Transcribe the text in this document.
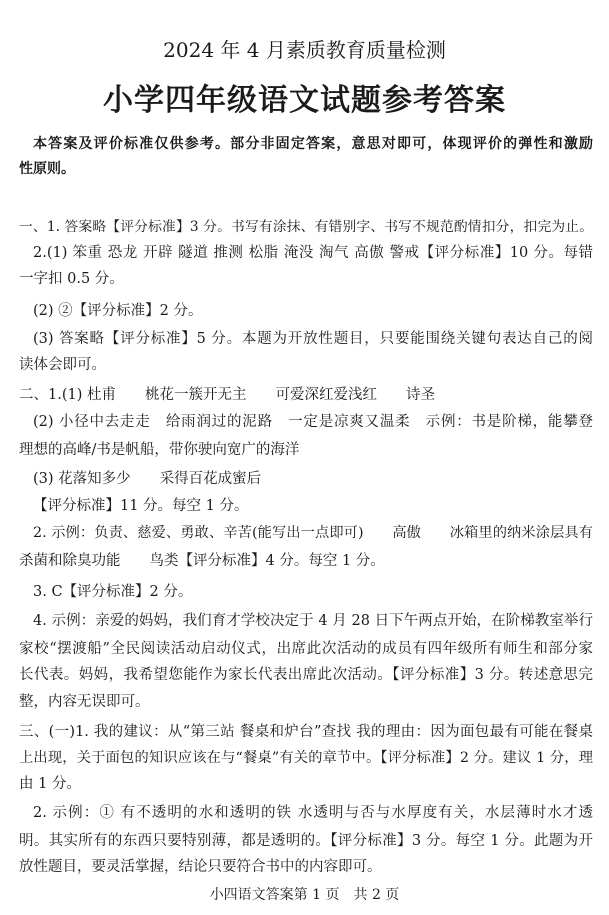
2024 年 4 月素质教育质量检测
小学四年级语文试题参考答案
本答案及评价标准仅供参考。部分非固定答案，意思对即可，体现评价的弹性和激励
性原则。
一、1. 答案略【评分标准】3 分。书写有涂抹、有错别字、书写不规范酌情扣分，扣完为止。
2.(1) 笨重 恐龙 开辟 隧道 推测 松脂 淹没 淘气 高傲 警戒【评分标准】10 分。每错
一字扣 0.5 分。
(2) ②【评分标准】2 分。
(3) 答案略【评分标准】5 分。本题为开放性题目，只要能围绕关键句表达自己的阅
读体会即可。
二、1.(1) 杜甫　　桃花一簇开无主　　可爱深红爱浅红　　诗圣
(2) 小径中去走走　给雨润过的泥路　一定是凉爽又温柔　示例：书是阶梯，能攀登
理想的高峰/书是帆船，带你驶向宽广的海洋
(3) 花落知多少　　采得百花成蜜后
【评分标准】11 分。每空 1 分。
2. 示例：负责、慈爱、勇敢、辛苦(能写出一点即可)　　高傲　　冰箱里的纳米涂层具有
杀菌和除臭功能　　鸟类【评分标准】4 分。每空 1 分。
3. C【评分标准】2 分。
4. 示例：亲爱的妈妈，我们育才学校决定于 4 月 28 日下午两点开始，在阶梯教室举行
家校“摆渡船”全民阅读活动启动仪式，出席此次活动的成员有四年级所有师生和部分家
长代表。妈妈，我希望您能作为家长代表出席此次活动。【评分标准】3 分。转述意思完
整，内容无误即可。
三、(一)1. 我的建议：从“第三站 餐桌和炉台”查找 我的理由：因为面包最有可能在餐桌
上出现，关于面包的知识应该在与“餐桌”有关的章节中。【评分标准】2 分。建议 1 分，理
由 1 分。
2. 示例：① 有不透明的水和透明的铁 水透明与否与水厚度有关，水层薄时水才透
明。其实所有的东西只要特别薄，都是透明的。【评分标准】3 分。每空 1 分。此题为开
放性题目，要灵活掌握，结论只要符合书中的内容即可。
小四语文答案第 1 页　共 2 页
